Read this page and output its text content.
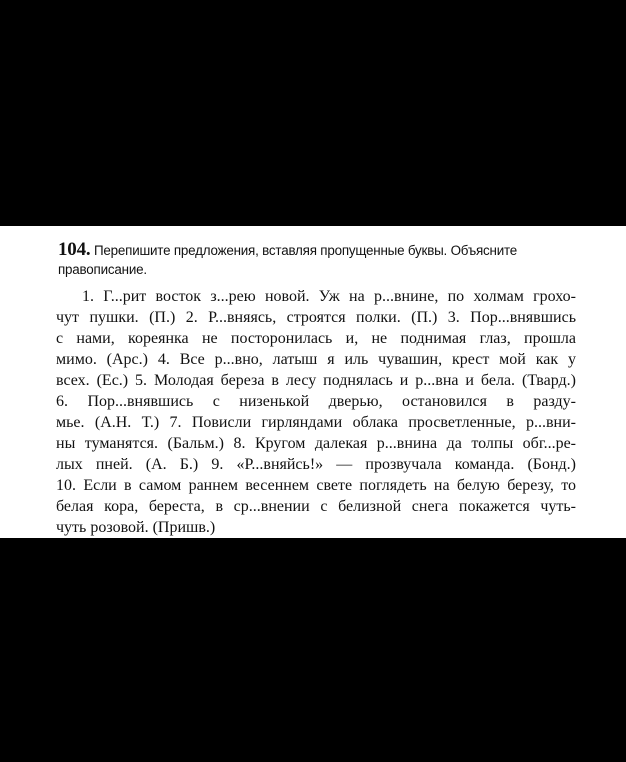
104. Перепишите предложения, вставляя пропущенные буквы. Объясните
правописание.
1. Г...рит восток з...рею новой. Уж на р...внине, по холмам грохо-
чут пушки. (П.) 2. Р...вняясь, строятся полки. (П.) 3. Пор...внявшись
с нами, кореянка не посторонилась и, не поднимая глаз, прошла
мимо. (Арс.) 4. Все р...вно, латыш я иль чувашин, крест мой как у
всех. (Ес.) 5. Молодая береза в лесу поднялась и р...вна и бела. (Твард.)
6. Пор...внявшись с низенькой дверью, остановился в разду-
мье. (А.Н. Т.) 7. Повисли гирляндами облака просветленные, р...вни-
ны туманятся. (Бальм.) 8. Кругом далекая р...внина да толпы обг...ре-
лых пней. (А. Б.) 9. «Р...вняйсь!» — прозвучала команда. (Бонд.)
10. Если в самом раннем весеннем свете поглядеть на белую березу, то
белая кора, береста, в ср...внении с белизной снега покажется чуть-
чуть розовой. (Пришв.)
